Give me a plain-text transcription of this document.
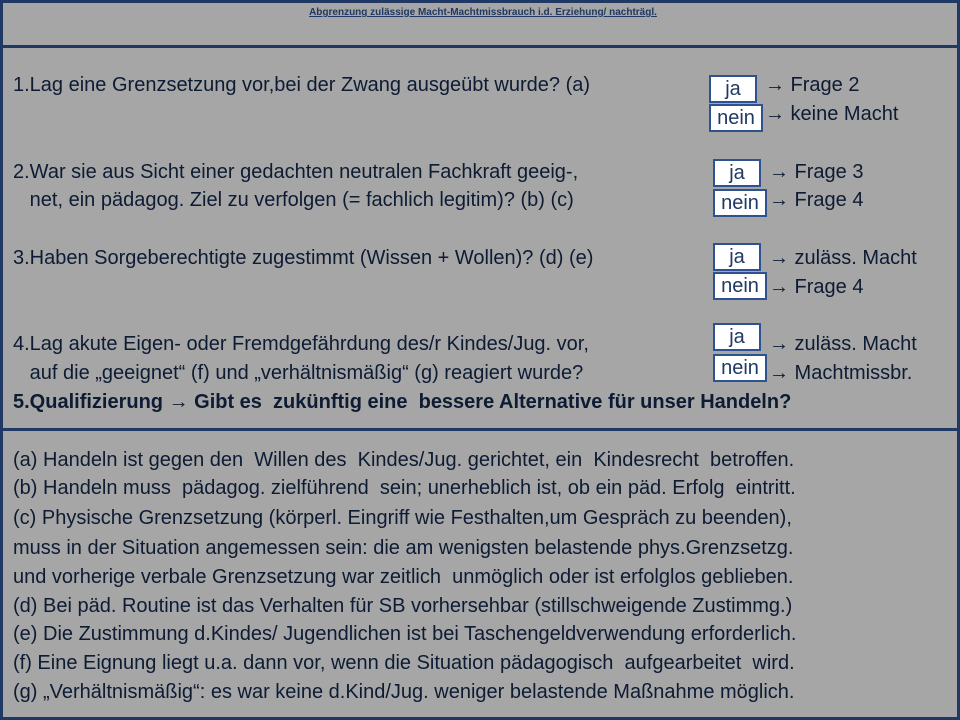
Abgrenzung zulässige Macht-Machtmissbrauch i.d. Erziehung/ nachträgl.
1.Lag eine Grenzsetzung vor,bei der Zwang ausgeübt wurde? (a)	ja
nein
→ Frage 2
→ keine Macht
2.War sie aus Sicht einer gedachten neutralen Fachkraft geeig-,
net, ein pädagog. Ziel zu verfolgen (= fachlich legitim)? (b) (c)
ja
nein
→ Frage 3
→ Frage 4
3.Haben Sorgeberechtigte zugestimmt (Wissen + Wollen)? (d) (e)	ja
nein
→ zuläss. Macht
→ Frage 4
4.Lag akute Eigen- oder Fremdgefährdung des/r Kindes/Jug. vor,
auf die „geeignet“ (f) und „verhältnismäßig“ (g) reagiert wurde?
ja
nein
→ zuläss. Macht
→ Machtmissbr.
5.Qualifizierung → Gibt es  zukünftig eine  bessere Alternative für unser Handeln?
(a) Handeln ist gegen den  Willen des  Kindes/Jug. gerichtet, ein  Kindesrecht  betroffen.
(b) Handeln muss  pädagog. zielführend  sein; unerheblich ist, ob ein päd. Erfolg  eintritt.
(c) Physische Grenzsetzung (körperl. Eingriff wie Festhalten,um Gespräch zu beenden),
muss in der Situation angemessen sein: die am wenigsten belastende phys.Grenzsetzg.
und vorherige verbale Grenzsetzung war zeitlich  unmöglich oder ist erfolglos geblieben.
(d) Bei päd. Routine ist das Verhalten für SB vorhersehbar (stillschweigende Zustimmg.)
(e) Die Zustimmung d.Kindes/ Jugendlichen ist bei Taschengeldverwendung erforderlich.
(f) Eine Eignung liegt u.a. dann vor, wenn die Situation pädagogisch  aufgearbeitet  wird.
(g) „Verhältnismäßig“: es war keine d.Kind/Jug. weniger belastende Maßnahme möglich.
